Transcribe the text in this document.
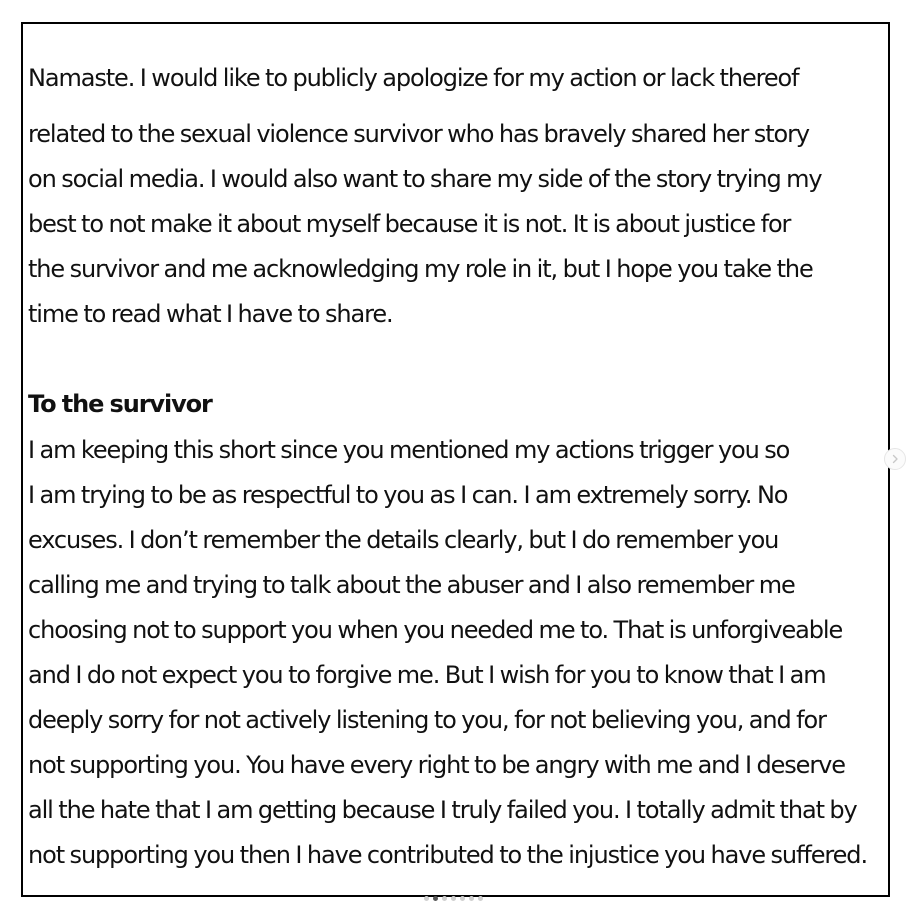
Namaste. I would like to publicly apologize for my action or lack thereof
related to the sexual violence survivor who has bravely shared her story
on social media. I would also want to share my side of the story trying my
best to not make it about myself because it is not. It is about justice for
the survivor and me acknowledging my role in it, but I hope you take the
time to read what I have to share.
To the survivor
I am keeping this short since you mentioned my actions trigger you so
I am trying to be as respectful to you as I can. I am extremely sorry. No
excuses. I don’t remember the details clearly, but I do remember you
calling me and trying to talk about the abuser and I also remember me
choosing not to support you when you needed me to. That is unforgiveable
and I do not expect you to forgive me. But I wish for you to know that I am
deeply sorry for not actively listening to you, for not believing you, and for
not supporting you. You have every right to be angry with me and I deserve
all the hate that I am getting because I truly failed you. I totally admit that by
not supporting you then I have contributed to the injustice you have suffered.
